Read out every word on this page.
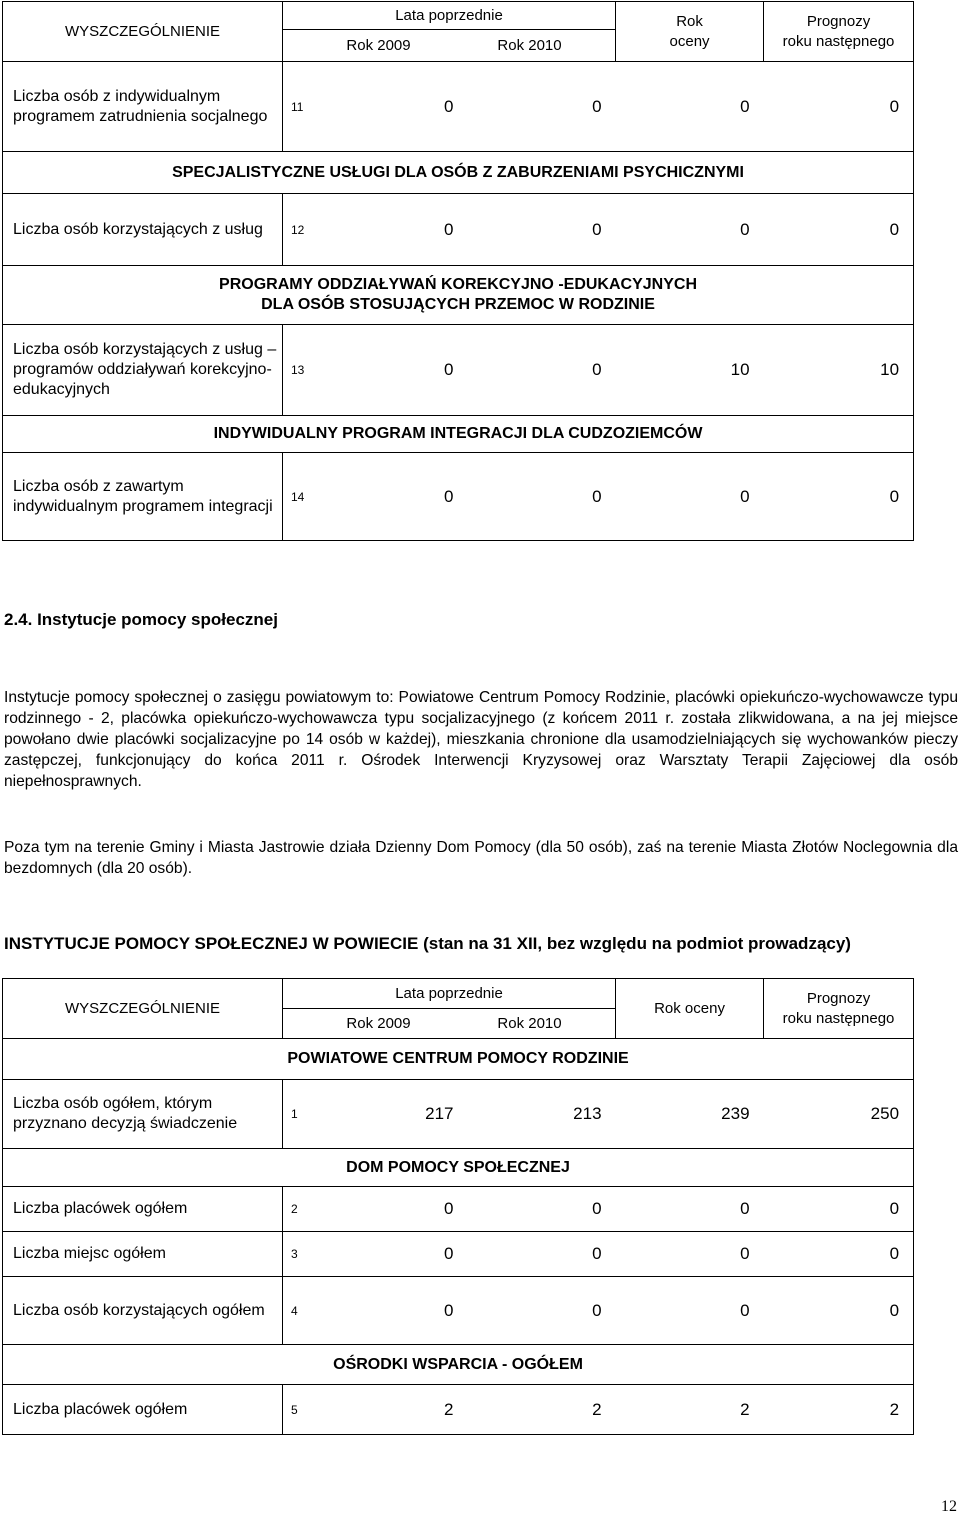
WYSZCZEGÓLNIENIE	Lata poprzednie			Rok
oceny	Prognozy
roku następnego

	Rok 2009 Rok 2010				

Liczba osób z indywidualnym programem zatrudnienia socjalnego	11	0	0	0	0
SPECJALISTYCZNE USŁUGI DLA OSÓB Z ZABURZENIAMI PSYCHICZNYMI					
Liczba osób korzystających z usług	12	0	0	0	0
PROGRAMY ODDZIAŁYWAŃ KOREKCYJNO -EDUKACYJNYCH
DLA OSÓB STOSUJĄCYCH PRZEMOC W RODZINIE					
Liczba osób korzystających z usług – programów oddziaływań korekcyjno-edukacyjnych	13	0	0	10	10
INDYWIDUALNY PROGRAM INTEGRACJI DLA CUDZOZIEMCÓW					
Liczba osób z zawartym indywidualnym programem integracji	14	0	0	0	0
2.4. Instytucje pomocy społecznej
Instytucje pomocy społecznej o zasięgu powiatowym to: Powiatowe Centrum Pomocy Rodzinie, placówki opiekuńczo-wychowawcze typu rodzinnego - 2, placówka opiekuńczo-wychowawcza typu socjalizacyjnego (z końcem 2011 r. została zlikwidowana, a na jej miejsce powołano dwie placówki socjalizacyjne po 14 osób w każdej), mieszkania chronione dla usamodzielniających się wychowanków pieczy zastępczej, funkcjonujący do końca 2011 r. Ośrodek Interwencji Kryzysowej oraz Warsztaty Terapii Zajęciowej dla osób niepełnosprawnych.
Poza tym na terenie Gminy i Miasta Jastrowie działa Dzienny Dom Pomocy (dla 50 osób), zaś na terenie Miasta Złotów Noclegownia dla bezdomnych (dla 20 osób).
INSTYTUCJE POMOCY SPOŁECZNEJ W POWIECIE (stan na 31 XII, bez względu na podmiot prowadzący)
WYSZCZEGÓLNIENIE	Lata poprzednie			Rok oceny	Prognozy
roku następnego

	Rok 2009 Rok 2010				

POWIATOWE CENTRUM POMOCY RODZINIE					
Liczba osób ogółem, którym przyznano decyzją świadczenie	1	217	213	239	250
DOM POMOCY SPOŁECZNEJ					
Liczba placówek ogółem	2	0	0	0	0
Liczba miejsc ogółem	3	0	0	0	0
Liczba osób korzystających ogółem	4	0	0	0	0
OŚRODKI WSPARCIA - OGÓŁEM					
Liczba placówek ogółem	5	2	2	2	2
12
